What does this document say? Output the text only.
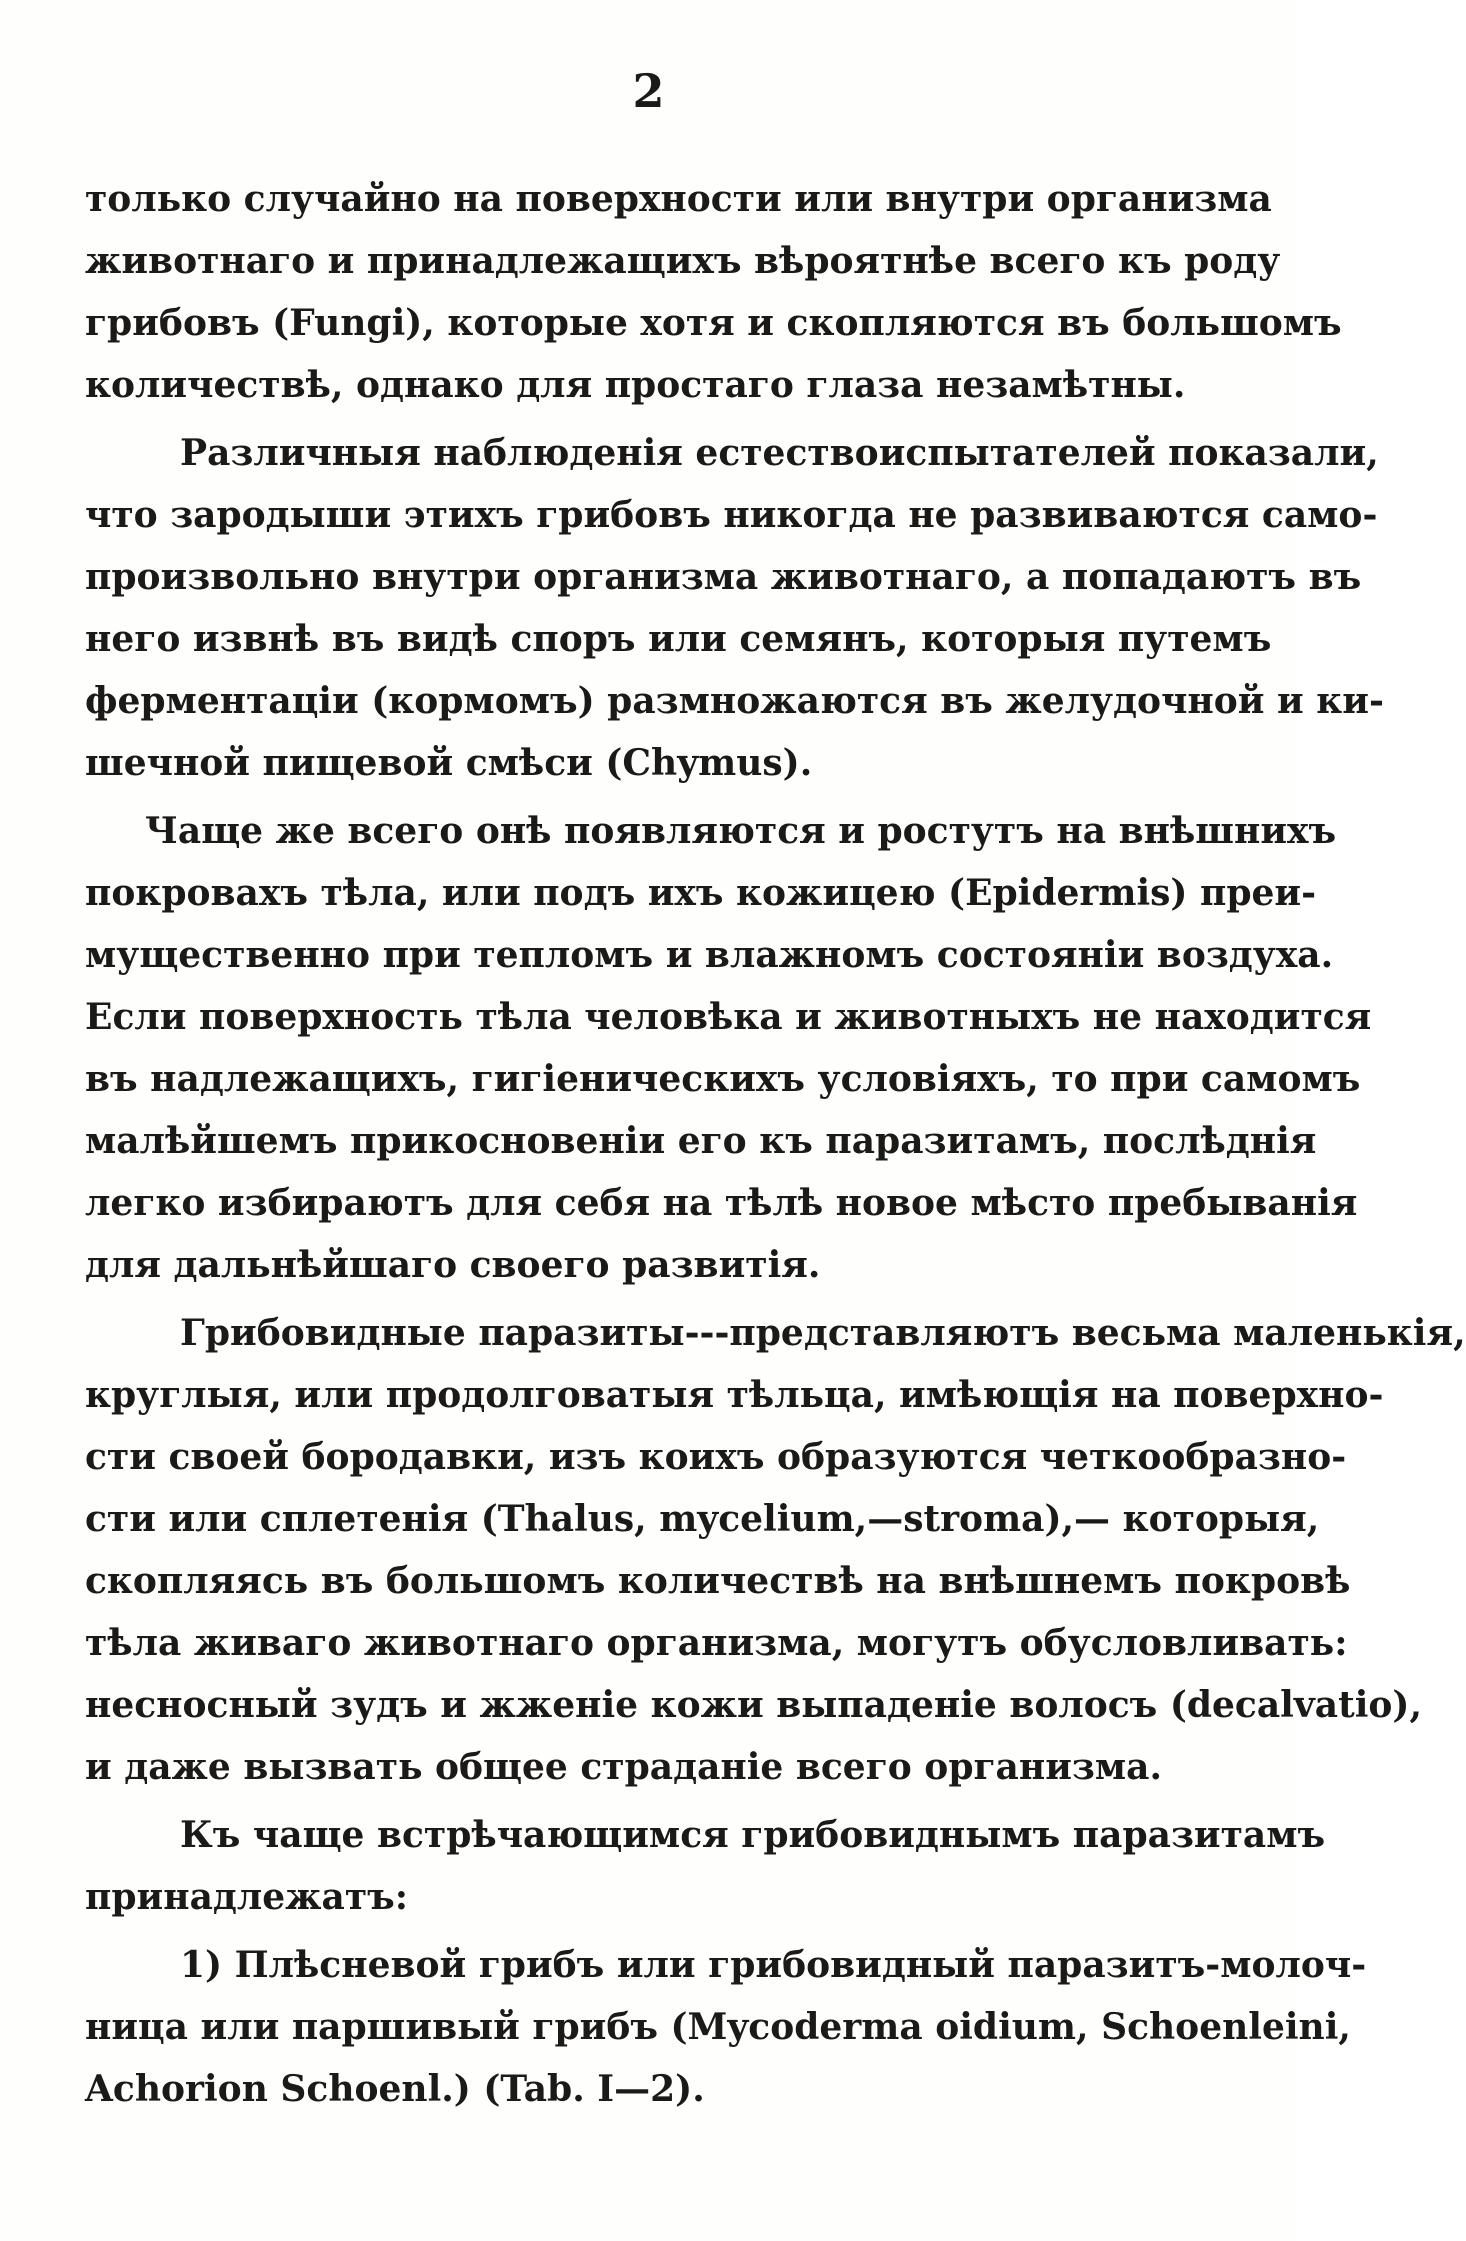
2
только случайно на поверхности или внутри организма
животнаго и принадлежащихъ вѣроятнѣе всего къ роду
грибовъ (Fungi), которые хотя и скопляются въ большомъ
количествѣ, однако для простаго глаза незамѣтны.
Различныя наблюденія естествоиспытателей показали,
что зародыши этихъ грибовъ никогда не развиваются само-
произвольно внутри организма животнаго, а попадаютъ въ
него извнѣ въ видѣ споръ или семянъ, которыя путемъ
ферментаціи (кормомъ) размножаются въ желудочной и ки-
шечной пищевой смѣси (Chymus).
Чаще же всего онѣ появляются и ростутъ на внѣшнихъ
покровахъ тѣла, или подъ ихъ кожицею (Epidermis) преи-
мущественно при тепломъ и влажномъ состояніи воздуха.
Если поверхность тѣла человѣка и животныхъ не находится
въ надлежащихъ, гигіеническихъ условіяхъ, то при самомъ
малѣйшемъ прикосновеніи его къ паразитамъ, послѣднія
легко избираютъ для себя на тѣлѣ новое мѣсто пребыванія
для дальнѣйшаго своего развитія.
Грибовидные паразиты---представляютъ весьма маленькія,
круглыя, или продолговатыя тѣльца, имѣющія на поверхно-
сти своей бородавки, изъ коихъ образуются четкообразно-
сти или сплетенія (Thalus, mycelium,—stroma),— которыя,
скопляясь въ большомъ количествѣ на внѣшнемъ покровѣ
тѣла живаго животнаго организма, могутъ обусловливать:
несносный зудъ и жженіе кожи выпаденіе волосъ (decalvatio),
и даже вызвать общее страданіе всего организма.
Къ чаще встрѣчающимся грибовиднымъ паразитамъ
принадлежатъ:
1) Плѣсневой грибъ или грибовидный паразитъ-молоч-
ница или паршивый грибъ (Mycoderma oidium, Schoenleini,
Achorion Schoenl.) (Tab. I—2).
